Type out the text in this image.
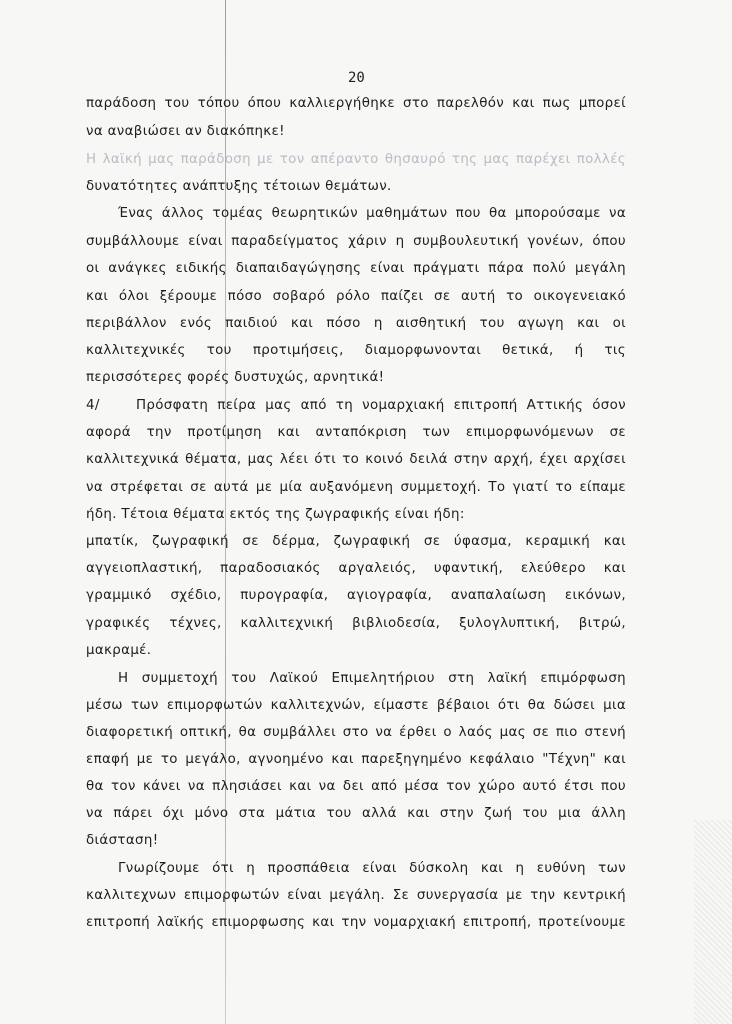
20
παράδοση του τόπου όπου καλλιεργήθηκε στο παρελθόν και πως μπορεί
να αναβιώσει αν διακόπηκε!
Η λαϊκή μας παράδοση με τον απέραντο θησαυρό της μας παρέχει πολλές
δυνατότητες ανάπτυξης τέτοιων θεμάτων.
Ένας άλλος τομέας θεωρητικών μαθημάτων που θα μπορούσαμε να
συμβάλλουμε είναι παραδείγματος χάριν η συμβουλευτική γονέων, όπου
οι ανάγκες ειδικής διαπαιδαγώγησης είναι πράγματι πάρα πολύ μεγάλη
και όλοι ξέρουμε πόσο σοβαρό ρόλο παίζει σε αυτή το οικογενειακό
περιβάλλον ενός παιδιού και πόσο η αισθητική του αγωγη και οι
καλλιτεχνικές του προτιμήσεις, διαμορφωνονται θετικά, ή τις
περισσότερες φορές δυστυχώς, αρνητικά!
4/    Πρόσφατη πείρα μας από τη νομαρχιακή επιτροπή Αττικής όσον
αφορά την προτίμηση και ανταπόκριση των επιμορφωνόμενων σε
καλλιτεχνικά θέματα, μας λέει ότι το κοινό δειλά στην αρχή, έχει αρχίσει
να στρέφεται σε αυτά με μία αυξανόμενη συμμετοχή. Το γιατί το είπαμε
ήδη. Τέτοια θέματα εκτός της ζωγραφικής είναι ήδη:
μπατίκ, ζωγραφική σε δέρμα, ζωγραφική σε ύφασμα, κεραμική και
αγγειοπλαστική, παραδοσιακός αργαλειός, υφαντική, ελεύθερο και
γραμμικό σχέδιο, πυρογραφία, αγιογραφία, αναπαλαίωση εικόνων,
γραφικές τέχνες, καλλιτεχνική βιβλιοδεσία, ξυλογλυπτική, βιτρώ,
μακραμέ.
Η συμμετοχή του Λαϊκού Επιμελητήριου στη λαϊκή επιμόρφωση
μέσω των επιμορφωτών καλλιτεχνών, είμαστε βέβαιοι ότι θα δώσει μια
διαφορετική οπτική, θα συμβάλλει στο να έρθει ο λαός μας σε πιο στενή
επαφή με το μεγάλο, αγνοημένο και παρεξηγημένο κεφάλαιο "Τέχνη" και
θα τον κάνει να πλησιάσει και να δει από μέσα τον χώρο αυτό έτσι που
να πάρει όχι μόνο στα μάτια του αλλά και στην ζωή του μια άλλη
διάσταση!
Γνωρίζουμε ότι η προσπάθεια είναι δύσκολη και η ευθύνη των
καλλιτεχνων επιμορφωτών είναι μεγάλη. Σε συνεργασία με την κεντρική
επιτροπή λαϊκής επιμορφωσης και την νομαρχιακή επιτροπή, προτείνουμε
